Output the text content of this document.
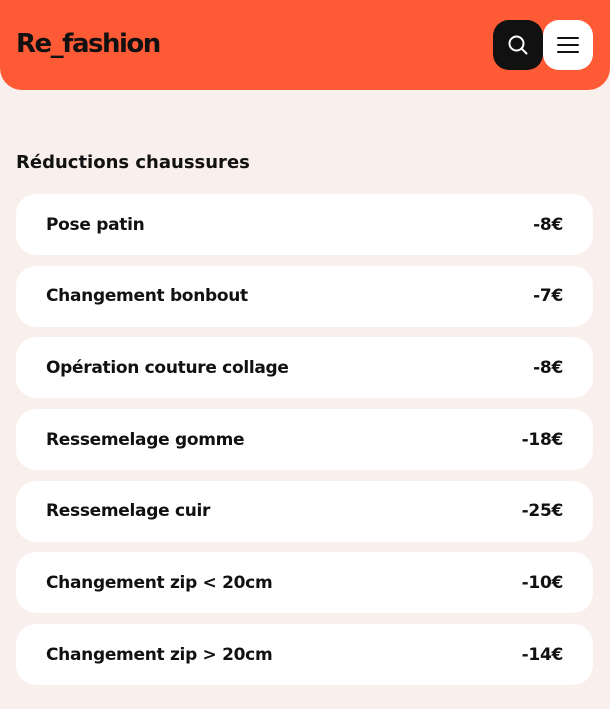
Re_fashion
Réductions chaussures
Pose patin	-8€
Changement bonbout	-7€
Opération couture collage	-8€
Ressemelage gomme	-18€
Ressemelage cuir	-25€
Changement zip < 20cm	-10€
Changement zip > 20cm	-14€
